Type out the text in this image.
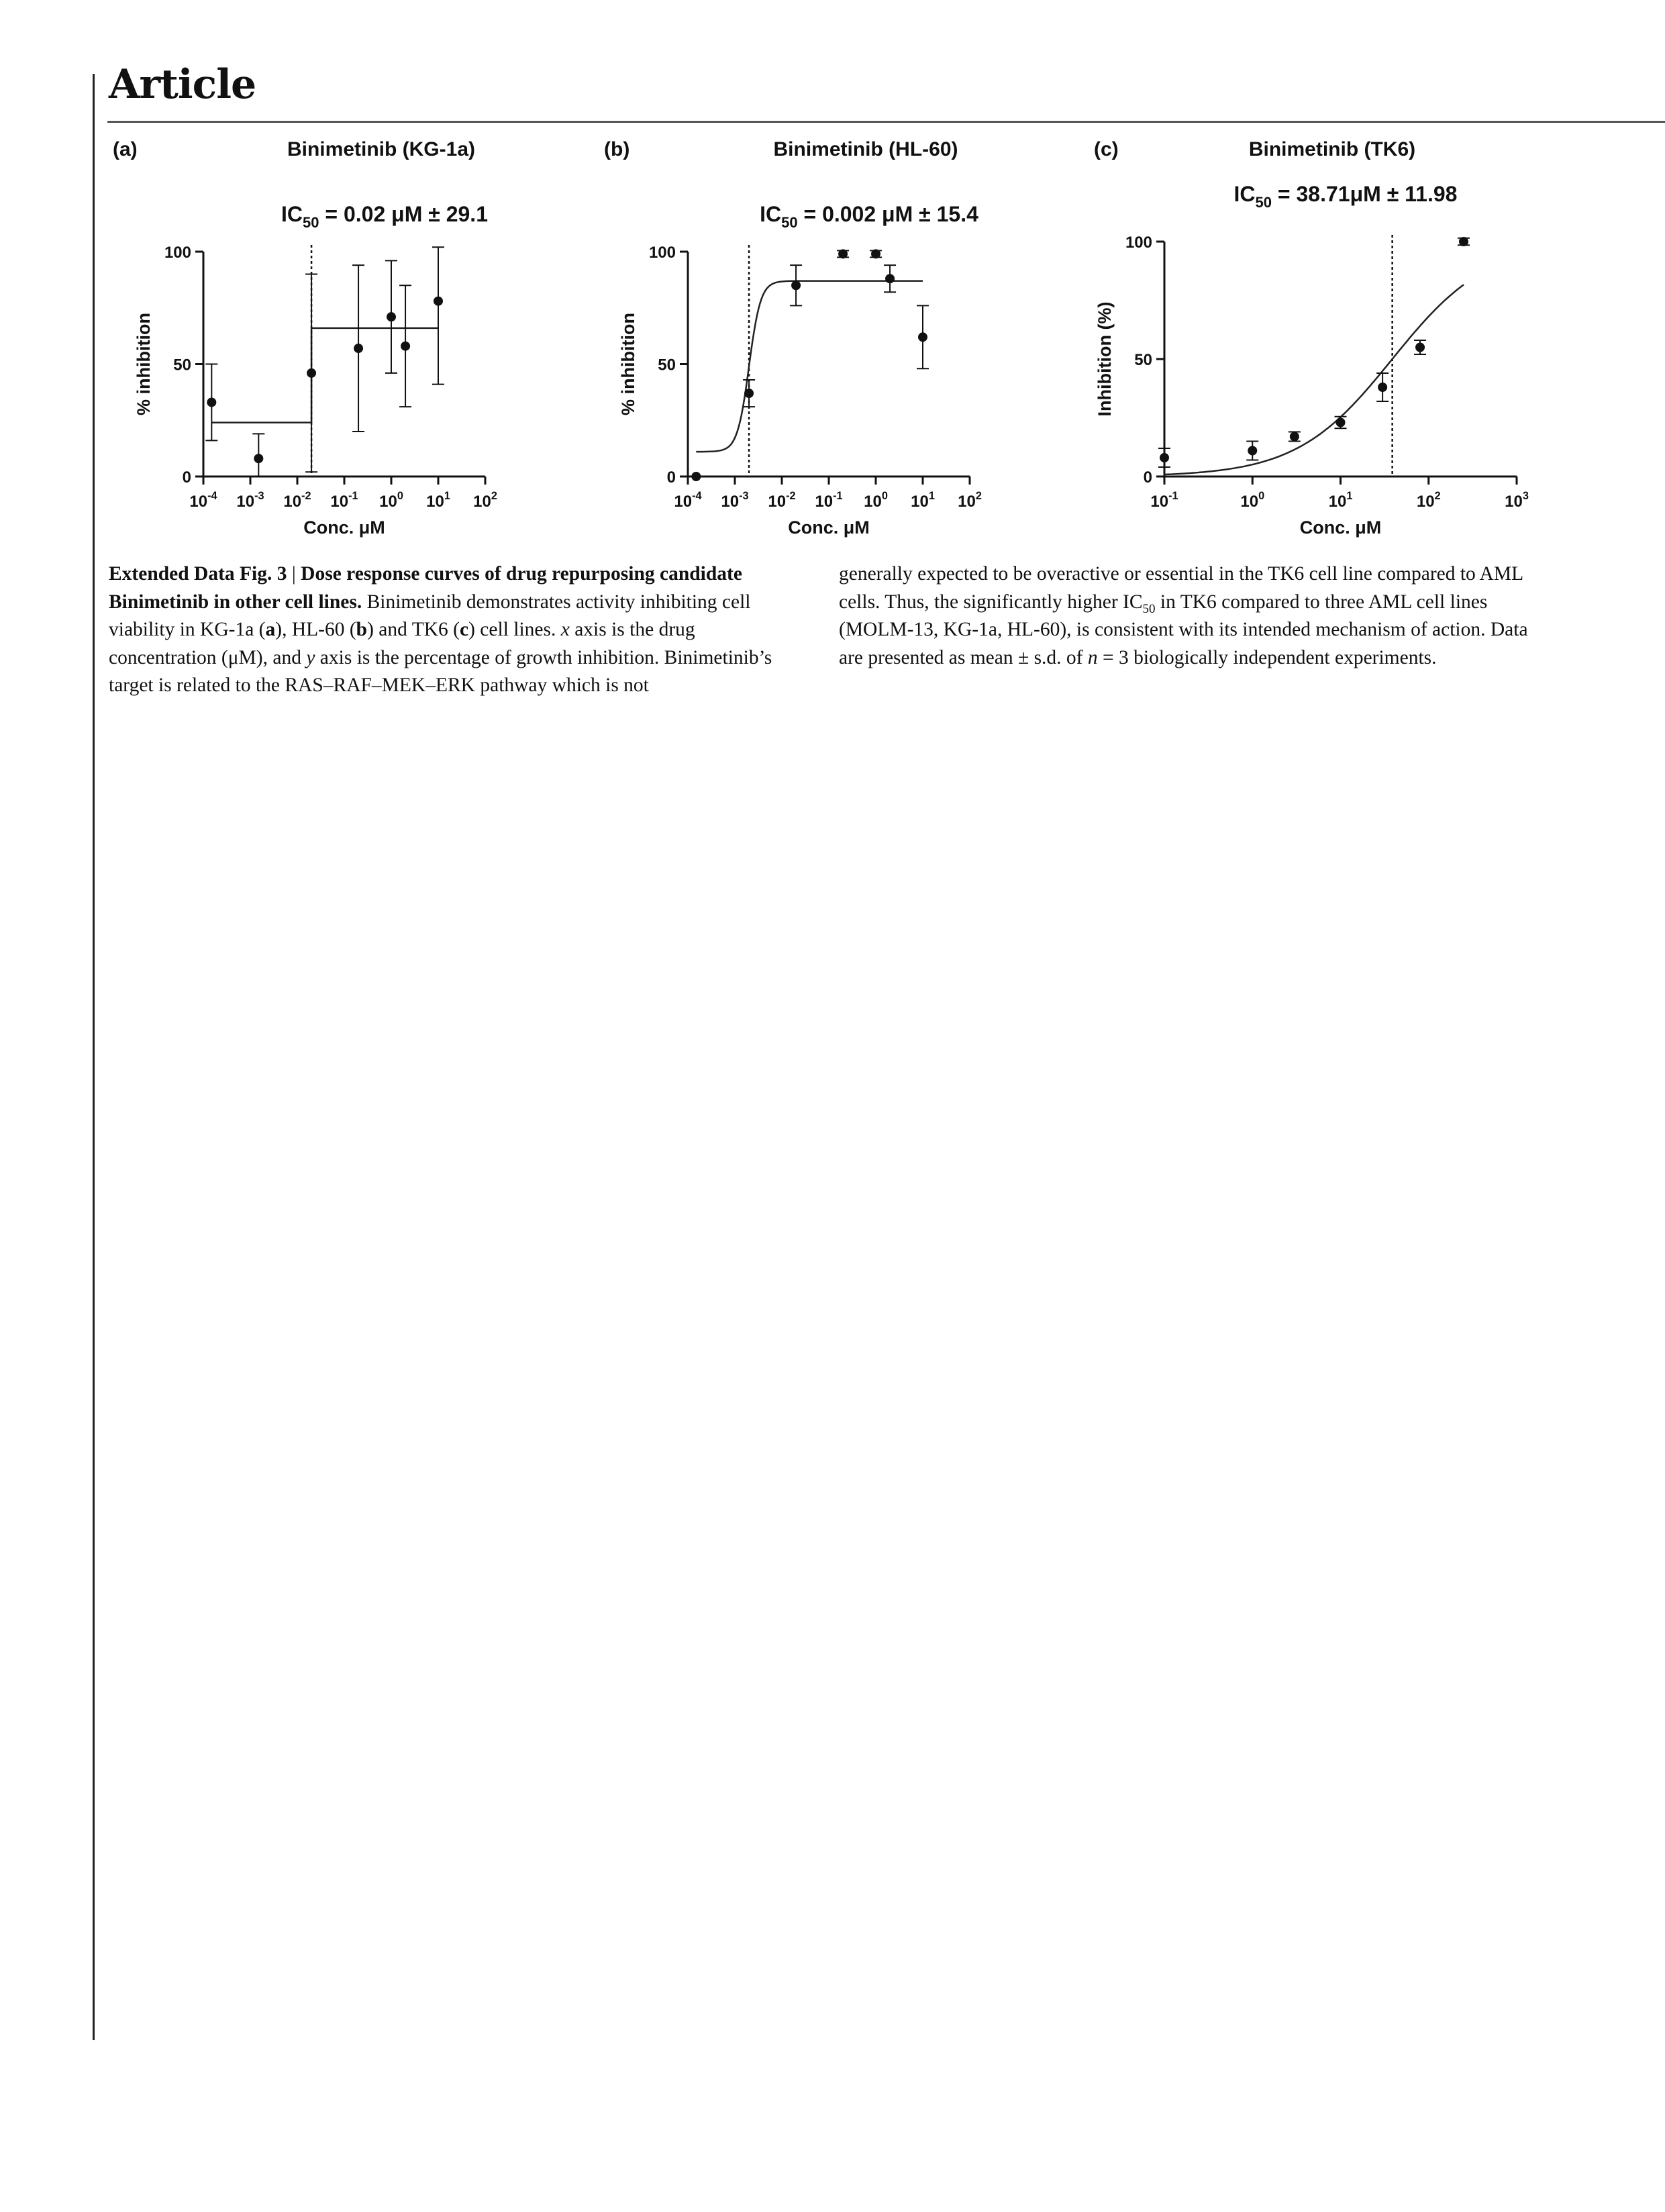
Article
(a)	Binimetinib (KG-1a)
$IC_{50} = 0.02$ μM ± 29.1
0
50
100
$10^{-4}$ $10^{-3}$ $10^{-2}$ $10^{-1}$ $10^0$ $10^1$ $10^2$
Conc. μM
% inhibition
(b)	Binimetinib (HL-60)
$IC_{50} = 0.002$ μM ± 15.4
0
50
100
$10^{-4}$ $10^{-3}$ $10^{-2}$ $10^{-1}$ $10^0$ $10^1$ $10^2$
Conc. μM
% inhibition
(c)	Binimetinib (TK6)
$IC_{50} = 38.71\mu M \pm 11.98$
0
50
100
$10^{-1}$	$10^0$	$10^1$	$10^2$	$10^3$
Conc. μM
Inhibition (%)

Extended Data Fig. 3 | Dose response curves of drug repurposing candidate Binimetinib in other cell lines. Binimetinib demonstrates activity inhibiting cell viability in KG-1a (a), HL-60 (b) and TK6 (c) cell lines. x axis is the drug concentration (μM), and y axis is the percentage of growth inhibition. Binimetinib’s target is related to the RAS–RAF–MEK–ERK pathway which is not

generally expected to be overactive or essential in the TK6 cell line compared to AML cells. Thus, the significantly higher $IC_{50}$ in TK6 compared to three AML cell lines (MOLM-13, KG-1a, HL-60), is consistent with its intended mechanism of action. Data are presented as mean ± s.d. of n = 3 biologically independent experiments.
